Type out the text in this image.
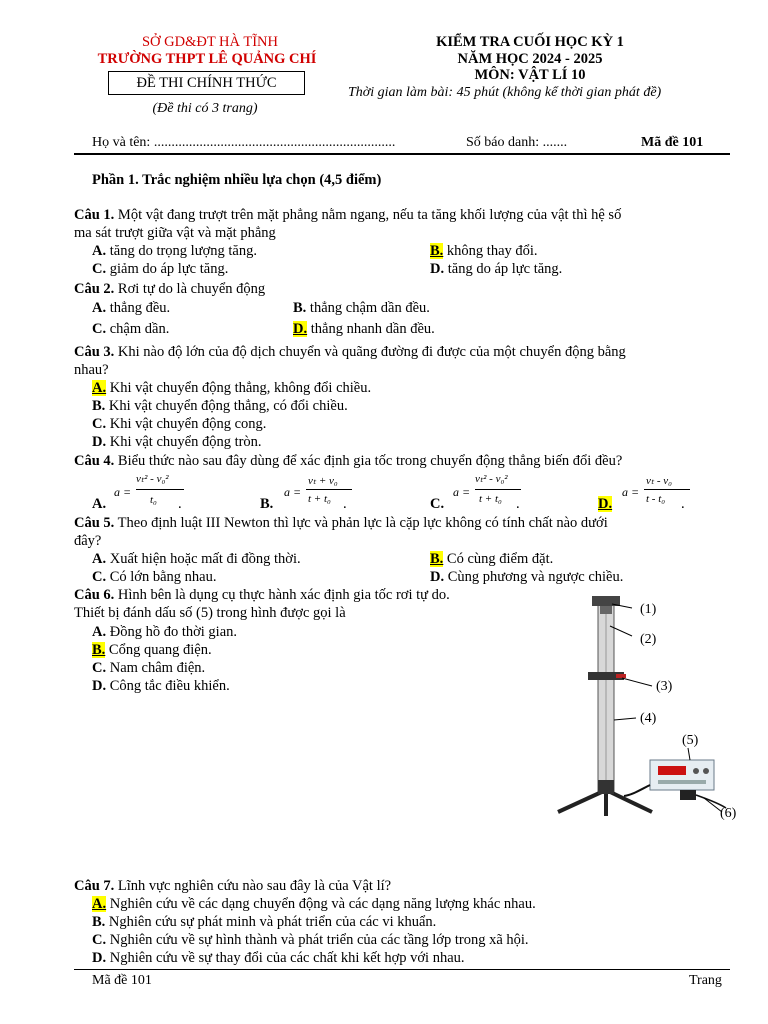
SỞ GD&ĐT HÀ TĨNH
TRƯỜNG THPT LÊ QUẢNG CHÍ
ĐỀ THI CHÍNH THỨC
(Đề thi có 3 trang)
KIỂM TRA CUỐI HỌC KỲ 1
NĂM HỌC 2024 - 2025
MÔN: VẬT LÍ 10
Thời gian làm bài: 45 phút (không kể thời gian phát đề)
Họ và tên: .....................................................................	Số báo danh: .......	Mã đề 101
Phần 1. Trắc nghiệm nhiều lựa chọn (4,5 điểm)
Câu 1. Một vật đang trượt trên mặt phẳng nằm ngang, nếu ta tăng khối lượng của vật thì hệ số
ma sát trượt giữa vật và mặt phẳng
A. tăng do trọng lượng tăng.	B. không thay đổi.
C. giảm do áp lực tăng.	D. tăng do áp lực tăng.
Câu 2. Rơi tự do là chuyển động
A. thẳng đều.	B. thẳng chậm dần đều.
C. chậm dần.	D. thẳng nhanh dần đều.
Câu 3. Khi nào độ lớn của độ dịch chuyển và quãng đường đi được của một chuyển động bằng
nhau?
A. Khi vật chuyển động thẳng, không đổi chiều.
B. Khi vật chuyển động thẳng, có đổi chiều.
C. Khi vật chuyển động cong.
D. Khi vật chuyển động tròn.
Câu 4. Biểu thức nào sau đây dùng để xác định gia tốc trong chuyển động thẳng biến đổi đều?
A.
a =
vₜ² - v₀²
t₀ .	B.
a =
vₜ + v₀
t + t₀ .	C.
a =
vₜ² - v₀²
t + t₀ .	D.
a =
vₜ - v₀
t - t₀ .
Câu 5. Theo định luật III Newton thì lực và phản lực là cặp lực không có tính chất nào dưới
đây?
A. Xuất hiện hoặc mất đi đồng thời.	B. Có cùng điểm đặt.
C. Có lớn bằng nhau.	D. Cùng phương và ngược chiều.
Câu 6. Hình bên là dụng cụ thực hành xác định gia tốc rơi tự do.
Thiết bị đánh dấu số (5) trong hình được gọi là
A. Đồng hồ đo thời gian.
B. Cổng quang điện.
C. Nam châm điện.
D. Công tắc điều khiển.
(1)
(2)
(3)
(4)
(5)
(6)
Câu 7. Lĩnh vực nghiên cứu nào sau đây là của Vật lí?
A. Nghiên cứu về các dạng chuyển động và các dạng năng lượng khác nhau.
B. Nghiên cứu sự phát minh và phát triển của các vi khuẩn.
C. Nghiên cứu về sự hình thành và phát triển của các tầng lớp trong xã hội.
D. Nghiên cứu về sự thay đổi của các chất khi kết hợp với nhau.
Mã đề 101	Trang
